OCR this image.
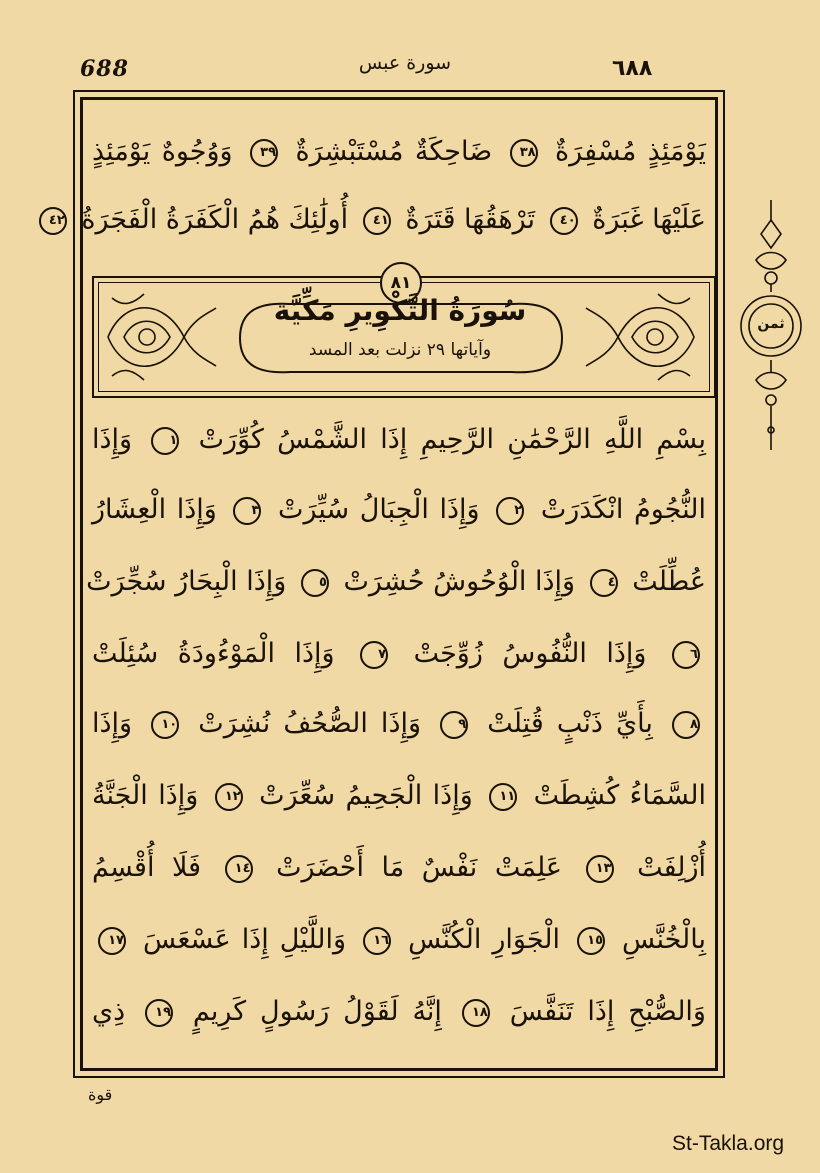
688	سورة عبس	٦٨٨
يَوْمَئِذٍ مُسْفِرَةٌ ٣٨ ضَاحِكَةٌ مُسْتَبْشِرَةٌ ٣٩ وَوُجُوهٌ يَوْمَئِذٍ
عَلَيْهَا غَبَرَةٌ ٤٠ تَرْهَقُهَا قَتَرَةٌ ٤١ أُولَٰئِكَ هُمُ الْكَفَرَةُ الْفَجَرَةُ ٤٢
٨١
سُورَةُ التَّكْوِيرِ مَكِّيَّة
وآياتها ٢٩ نزلت بعد المسد
بِسْمِ اللَّهِ الرَّحْمَٰنِ الرَّحِيمِ إِذَا الشَّمْسُ كُوِّرَتْ ١ وَإِذَا
النُّجُومُ انْكَدَرَتْ ٢ وَإِذَا الْجِبَالُ سُيِّرَتْ ٣ وَإِذَا الْعِشَارُ
عُطِّلَتْ ٤ وَإِذَا الْوُحُوشُ حُشِرَتْ ٥ وَإِذَا الْبِحَارُ سُجِّرَتْ
٦ وَإِذَا النُّفُوسُ زُوِّجَتْ ٧ وَإِذَا الْمَوْءُودَةُ سُئِلَتْ
٨ بِأَيِّ ذَنْبٍ قُتِلَتْ ٩ وَإِذَا الصُّحُفُ نُشِرَتْ ١٠ وَإِذَا
السَّمَاءُ كُشِطَتْ ١١ وَإِذَا الْجَحِيمُ سُعِّرَتْ ١٢ وَإِذَا الْجَنَّةُ
أُزْلِفَتْ ١٣ عَلِمَتْ نَفْسٌ مَا أَحْضَرَتْ ١٤ فَلَا أُقْسِمُ
بِالْخُنَّسِ ١٥ الْجَوَارِ الْكُنَّسِ ١٦ وَاللَّيْلِ إِذَا عَسْعَسَ ١٧
وَالصُّبْحِ إِذَا تَنَفَّسَ ١٨ إِنَّهُ لَقَوْلُ رَسُولٍ كَرِيمٍ ١٩ ذِي
ثمن
قوة
St-Takla.org
